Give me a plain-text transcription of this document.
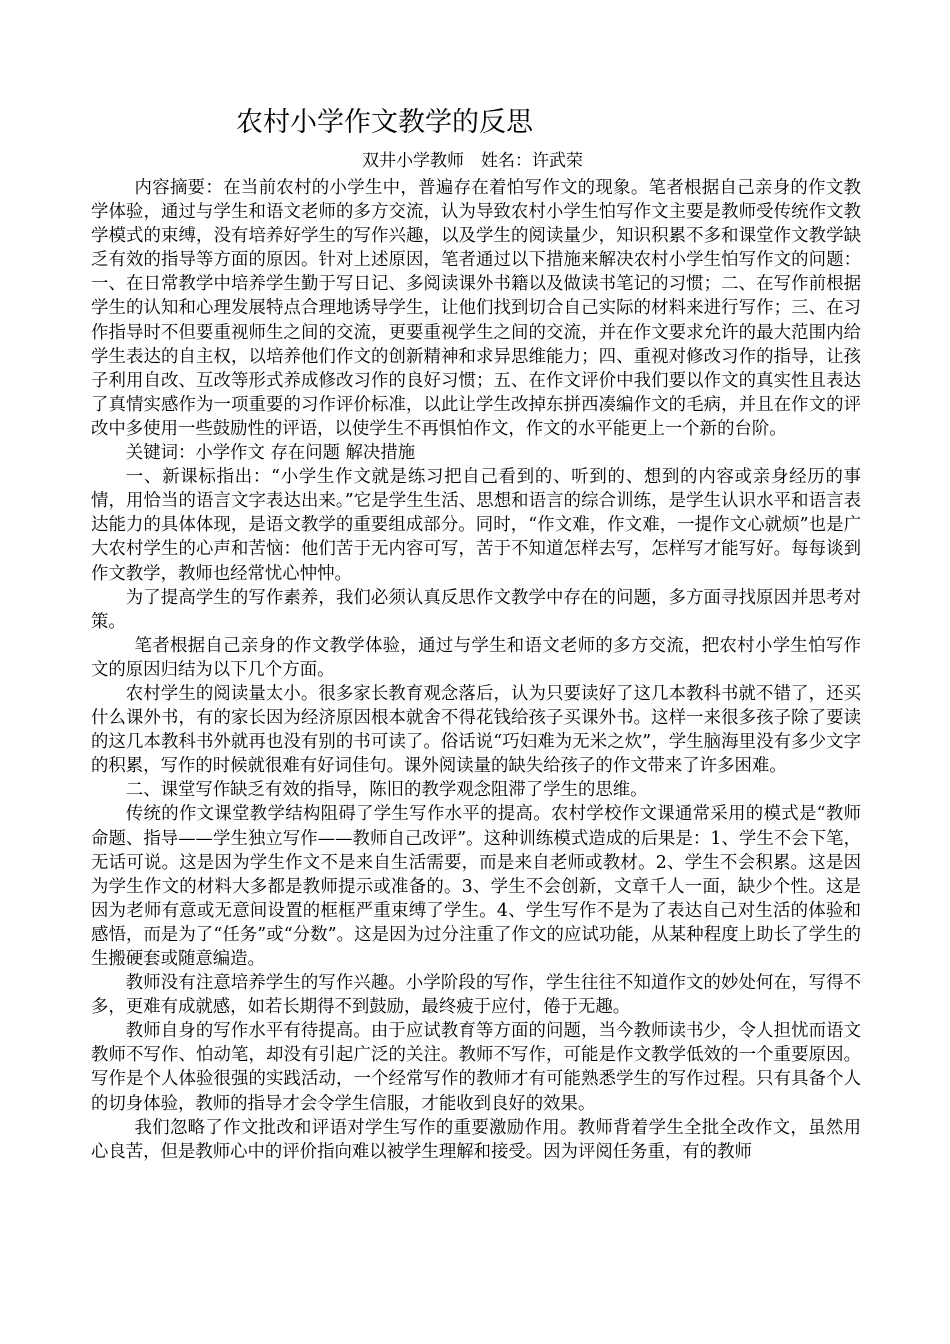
农村小学作文教学的反思
双井小学教师　姓名：许武荣

内容摘要：在当前农村的小学生中，普遍存在着怕写作文的现象。笔者根据自己亲身的作文教学体验，通过与学生和语文老师的多方交流，认为导致农村小学生怕写作文主要是教师受传统作文教学模式的束缚，没有培养好学生的写作兴趣，以及学生的阅读量少，知识积累不多和课堂作文教学缺乏有效的指导等方面的原因。针对上述原因，笔者通过以下措施来解决农村小学生怕写作文的问题：一、在日常教学中培养学生勤于写日记、多阅读课外书籍以及做读书笔记的习惯；二、在写作前根据学生的认知和心理发展特点合理地诱导学生，让他们找到切合自己实际的材料来进行写作；三、在习作指导时不但要重视师生之间的交流，更要重视学生之间的交流，并在作文要求允许的最大范围内给学生表达的自主权，以培养他们作文的创新精神和求异思维能力；四、重视对修改习作的指导，让孩子利用自改、互改等形式养成修改习作的良好习惯；五、在作文评价中我们要以作文的真实性且表达了真情实感作为一项重要的习作评价标准，以此让学生改掉东拼西凑编作文的毛病，并且在作文的评改中多使用一些鼓励性的评语，以使学生不再惧怕作文，作文的水平能更上一个新的台阶。

关键词：小学作文 存在问题 解决措施

一、新课标指出：“小学生作文就是练习把自己看到的、听到的、想到的内容或亲身经历的事情，用恰当的语言文字表达出来。”它是学生生活、思想和语言的综合训练，是学生认识水平和语言表达能力的具体体现，是语文教学的重要组成部分。同时，“作文难，作文难，一提作文心就烦”也是广大农村学生的心声和苦恼：他们苦于无内容可写，苦于不知道怎样去写，怎样写才能写好。每每谈到作文教学，教师也经常忧心忡忡。

为了提高学生的写作素养，我们必须认真反思作文教学中存在的问题，多方面寻找原因并思考对策。

笔者根据自己亲身的作文教学体验，通过与学生和语文老师的多方交流，把农村小学生怕写作文的原因归结为以下几个方面。

农村学生的阅读量太小。很多家长教育观念落后，认为只要读好了这几本教科书就不错了，还买什么课外书，有的家长因为经济原因根本就舍不得花钱给孩子买课外书。这样一来很多孩子除了要读的这几本教科书外就再也没有别的书可读了。俗话说“巧妇难为无米之炊”，学生脑海里没有多少文字的积累，写作的时候就很难有好词佳句。课外阅读量的缺失给孩子的作文带来了许多困难。

二、课堂写作缺乏有效的指导，陈旧的教学观念阻滞了学生的思维。

传统的作文课堂教学结构阻碍了学生写作水平的提高。农村学校作文课通常采用的模式是“教师命题、指导——学生独立写作——教师自己改评”。这种训练模式造成的后果是：1、学生不会下笔，无话可说。这是因为学生作文不是来自生活需要，而是来自老师或教材。2、学生不会积累。这是因为学生作文的材料大多都是教师提示或准备的。3、学生不会创新，文章千人一面，缺少个性。这是因为老师有意或无意间设置的框框严重束缚了学生。4、学生写作不是为了表达自己对生活的体验和感悟，而是为了“任务”或“分数”。这是因为过分注重了作文的应试功能，从某种程度上助长了学生的生搬硬套或随意编造。

教师没有注意培养学生的写作兴趣。小学阶段的写作，学生往往不知道作文的妙处何在，写得不多，更难有成就感，如若长期得不到鼓励，最终疲于应付，倦于无趣。

教师自身的写作水平有待提高。由于应试教育等方面的问题，当今教师读书少，令人担忧而语文教师不写作、怕动笔，却没有引起广泛的关注。教师不写作，可能是作文教学低效的一个重要原因。写作是个人体验很强的实践活动，一个经常写作的教师才有可能熟悉学生的写作过程。只有具备个人的切身体验，教师的指导才会令学生信服，才能收到良好的效果。

我们忽略了作文批改和评语对学生写作的重要激励作用。教师背着学生全批全改作文，虽然用心良苦，但是教师心中的评价指向难以被学生理解和接受。因为评阅任务重，有的教师
